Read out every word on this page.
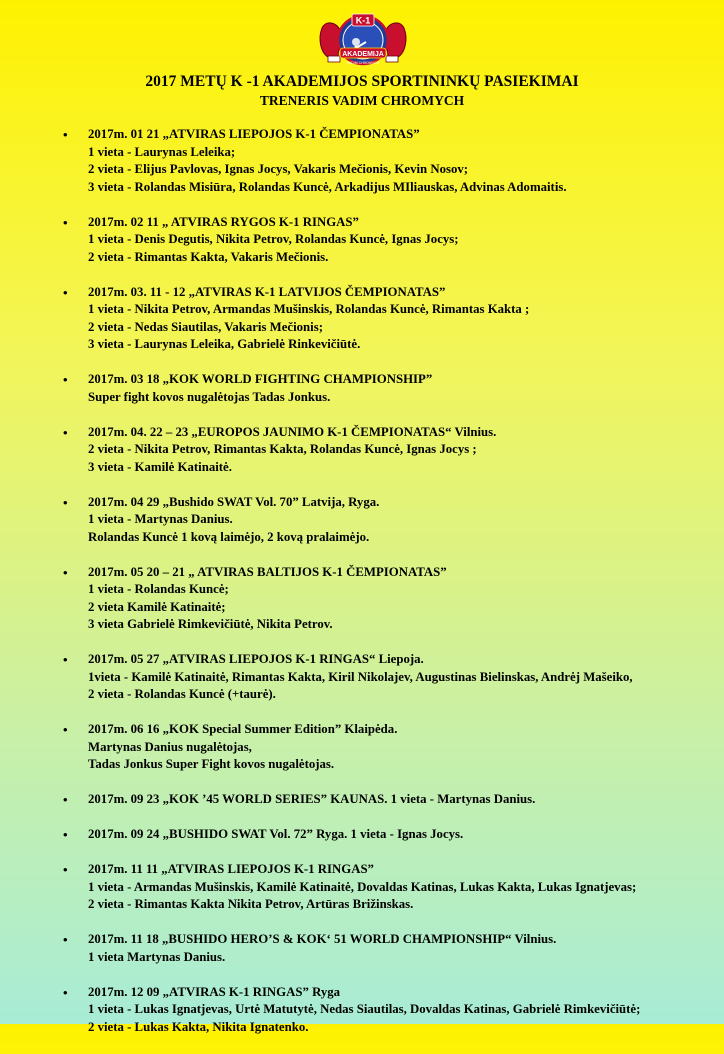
K-1
AKADEMIJA
VADIM CHROMYCH
2017 METŲ K -1 AKADEMIJOS SPORTININKŲ PASIEKIMAI
TRENERIS VADIM CHROMYCH
• 2017m. 01 21 „ATVIRAS LIEPOJOS K-1 ČEMPIONATAS”
1 vieta - Laurynas Leleika;
2 vieta - Elijus Pavlovas, Ignas Jocys, Vakaris Mečionis, Kevin Nosov;
3 vieta - Rolandas Misiūra, Rolandas Kuncė, Arkadijus MIliauskas, Advinas Adomaitis.
• 2017m. 02 11 „ ATVIRAS RYGOS K-1 RINGAS”
1 vieta - Denis Degutis, Nikita Petrov, Rolandas Kuncė, Ignas Jocys;
2 vieta - Rimantas Kakta, Vakaris Mečionis.
• 2017m. 03. 11 - 12 „ATVIRAS K-1 LATVIJOS ČEMPIONATAS”
1 vieta - Nikita Petrov, Armandas Mušinskis, Rolandas Kuncė, Rimantas Kakta ;
2 vieta - Nedas Siautilas, Vakaris Mečionis;
3 vieta - Laurynas Leleika, Gabrielė Rinkevičiūtė.
• 2017m. 03 18 „KOK WORLD FIGHTING CHAMPIONSHIP”
Super fight kovos nugalėtojas Tadas Jonkus.
• 2017m. 04. 22 – 23 „EUROPOS JAUNIMO K-1 ČEMPIONATAS“ Vilnius.
2 vieta - Nikita Petrov, Rimantas Kakta, Rolandas Kuncė, Ignas Jocys ;
3 vieta - Kamilė Katinaitė.
• 2017m. 04 29 „Bushido SWAT Vol. 70” Latvija, Ryga.
1 vieta - Martynas Danius.
Rolandas Kuncė 1 kovą laimėjo, 2 kovą pralaimėjo.
• 2017m. 05 20 – 21 „ ATVIRAS BALTIJOS K-1 ČEMPIONATAS”
1 vieta - Rolandas Kuncė;
2 vieta Kamilė Katinaitė;
3 vieta Gabrielė Rimkevičiūtė, Nikita Petrov.
• 2017m. 05 27 „ATVIRAS LIEPOJOS K-1 RINGAS“ Liepoja.
1vieta - Kamilė Katinaitė, Rimantas Kakta, Kiril Nikolajev, Augustinas Bielinskas, Andrėj Mašeiko,
2 vieta - Rolandas Kuncė (+taurė).
• 2017m. 06 16 „KOK Special Summer Edition” Klaipėda.
Martynas Danius nugalėtojas,
Tadas Jonkus Super Fight kovos nugalėtojas.
• 2017m. 09 23 „KOK ’45 WORLD SERIES” KAUNAS. 1 vieta - Martynas Danius.
• 2017m. 09 24 „BUSHIDO SWAT Vol. 72” Ryga. 1 vieta - Ignas Jocys.
• 2017m. 11 11 „ATVIRAS LIEPOJOS K-1 RINGAS”
1 vieta - Armandas Mušinskis, Kamilė Katinaitė, Dovaldas Katinas, Lukas Kakta, Lukas Ignatjevas;
2 vieta - Rimantas Kakta Nikita Petrov, Artūras Brižinskas.
• 2017m. 11 18 „BUSHIDO HERO’S & KOK‘ 51 WORLD CHAMPIONSHIP“ Vilnius.
1 vieta Martynas Danius.
• 2017m. 12 09 „ATVIRAS K-1 RINGAS” Ryga
1 vieta - Lukas Ignatjevas, Urtė Matutytė, Nedas Siautilas, Dovaldas Katinas, Gabrielė Rimkevičiūtė;
2 vieta - Lukas Kakta, Nikita Ignatenko.
